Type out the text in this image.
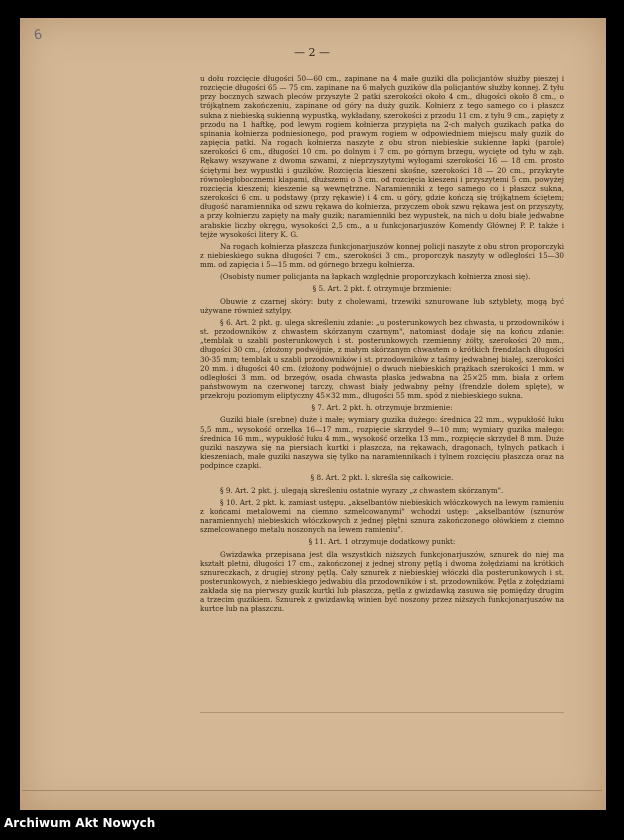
6
— 2 —

u dołu rozcięcie długości 50—60 cm., zapinane na 4 małe guziki dla policjantów służby pieszej i rozcięcie długości 65 — 75 cm. zapinane na 6 małych guzików dla policjantów służby konnej. Z tyłu przy bocznych szwach pleców przyszyte 2 patki szerokości około 4 cm., długości około 8 cm., o trójkątnem zakończeniu, zapinane od góry na duży guzik. Kołnierz z tego samego co i płaszcz sukna z niebieską sukienną wypustką, wykładany, szerokości z przodu 11 cm. z tyłu 9 cm., zapięty z przodu na 1 haftkę, pod lewym rogiem kołnierza przypięta na 2-ch małych guzikach patka do spinania kołnierza podniesionego, pod prawym rogiem w odpowiedniem miejscu mały guzik do zapięcia patki. Na rogach kołnierza naszyte z obu stron niebieskie sukienne łapki (parole) szerokości 6 cm., długości 10 cm. po dolnym i 7 cm. po górnym brzegu, wycięte od tyłu w ząb. Rękawy wszywane z dwoma szwami, z nieprzyszytymi wyłogami szerokości 16 — 18 cm. prosto ściętymi bez wypustki i guzików. Rozcięcia kieszeni skośne, szerokości 18 — 20 cm., przykryte równoległobocznemi klapami, dłuższemi o 3 cm. od rozcięcia kieszeni i przyszytemi 5 cm. powyżej rozcięcia kieszeni; kieszenie są wewnętrzne. Naramienniki z tego samego co i płaszcz sukna, szerokości 6 cm. u podstawy (przy rękawie) i 4 cm. u góry, gdzie kończą się trójkątnem ściętem; długość naramiennika od szwu rękawa do kołnierza, przyczem obok szwu rękawa jest on przyszyty, a przy kołnierzu zapięty na mały guzik; naramienniki bez wypustek, na nich u dołu białe jedwabne arabskie liczby okręgu, wysokości 2,5 cm., a u funkcjonarjuszów Komendy Głównej P. P. także i tejże wysokości litery K. G.

Na rogach kołnierza płaszcza funkcjonarjuszów konnej policji naszyte z obu stron proporczyki z niebieskiego sukna długości 7 cm., szerokości 3 cm., proporczyk naszyty w odległości 15—30 mm. od zapięcia i 5—15 mm. od górnego brzegu kołnierza.

(Osobisty numer policjanta na łapkach względnie proporczykach kołnierza znosi się).

§ 5. Art. 2 pkt. f. otrzymuje brzmienie:

Obuwie z czarnej skóry: buty z cholewami, trzewiki sznurowane lub sztyblety, mogą być używane również sztylpy.

§ 6. Art. 2 pkt. g. ulega skreśleniu zdanie: „u posterunkowych bez chwasta, u przodowników i st. przodowników z chwastem skórzanym czarnym", natomiast dodaje się na końcu zdanie: „temblak u szabli posterunkowych i st. posterunkowych rzemienny żółty, szerokości 20 mm., długości 30 cm., (złożony podwójnie, z małym skórzanym chwastem o krótkich frendzlach długości 30-35 mm; temblak u szabli przodowników i st. przodowników z taśmy jedwabnej białej, szerokości 20 mm. i długości 40 cm. (złożony podwójnie) o dwuch niebieskich prążkach szerokości 1 mm. w odległości 3 mm. od brzegów, osada chwasta płaska jedwabna na 25×25 mm. biała z orłem państwowym na czerwonej tarczy, chwast biały jedwabny pełny (frendzle dołem splęte), w przekroju poziomym eliptyczny 45×32 mm., długości 55 mm. spód z niebieskiego sukna.

§ 7. Art. 2 pkt. h. otrzymuje brzmienie:

Guziki białe (srebne) duże i małe; wymiary guzika dużego: średnica 22 mm., wypukłość łuku 5,5 mm., wysokość orzełka 16—17 mm., rozpięcie skrzydeł 9—10 mm; wymiary guzika małego: średnica 16 mm., wypukłość łuku 4 mm., wysokość orzełka 13 mm., rozpięcie skrzydeł 8 mm. Duże guziki naszywa się na piersiach kurtki i płaszcza, na rękawach, dragonach, tylnych patkach i kieszeniach, małe guziki naszywa się tylko na naramiennikach i tylnem rozcięciu płaszcza oraz na podpince czapki.

§ 8. Art. 2 pkt. l. skreśla się całkowicie.

§ 9. Art. 2 pkt. j. ulegają skreśleniu ostatnie wyrazy „z chwastem skórzanym".

§ 10. Art. 2 pkt. k. zamiast ustępu. „akselbantów niebieskich włóczkowych na lewym ramieniu z końcami metalowemi na ciemno szmelcowanymi" wchodzi ustęp: „akselbantów (sznurów naramiennych) niebieskich włóczkowych z jednej plętni sznura zakończonego ołówkiem z ciemno szmelcowanego metalu noszonych na lewem ramieniu".

§ 11. Art. 1 otrzymuje dodatkowy punkt:

Gwizdawka przepisana jest dla wszystkich niższych funkcjonarjuszów, sznurek do niej ma kształt pletni, długości 17 cm., zakończonej z jednej strony pętlą i dwoma żołędziami na krótkich sznureczkach, z drugiej strony pętlą. Cały sznurek z niebieskiej włóczki dla posterunkowych i st. posterunkowych, z niebieskiego jedwabiu dla przodowników i st. przodowników. Pętla z żołędziami zakłada się na pierwszy guzik kurtki lub płaszcza, pętla z gwizdawką zasuwa się pomiędzy drugim a trzecim guzikiem. Sznurek z gwizdawką winien być noszony przez niższych funkcjonarjuszów na kurtce lub na płaszczu.

Archiwum Akt Nowych
